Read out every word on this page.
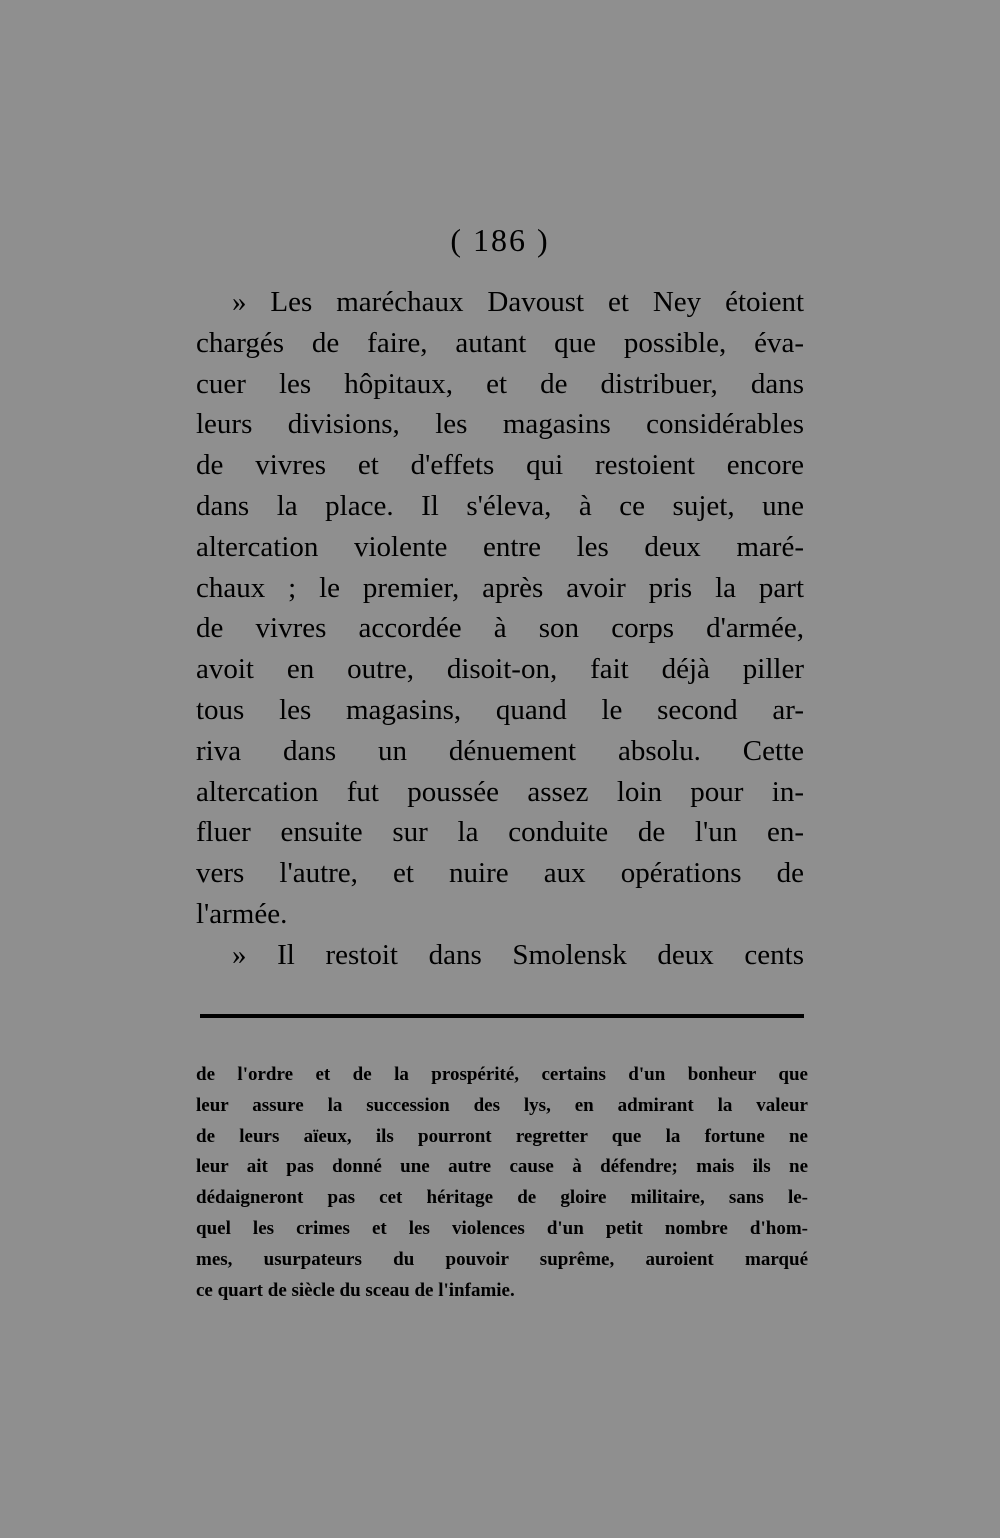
( 186 )
» Les maréchaux Davoust et Ney étoient
chargés de faire, autant que possible, éva-
cuer les hôpitaux, et de distribuer, dans
leurs divisions, les magasins considérables
de vivres et d'effets qui restoient encore
dans la place. Il s'éleva, à ce sujet, une
altercation violente entre les deux maré-
chaux ; le premier, après avoir pris la part
de vivres accordée à son corps d'armée,
avoit en outre, disoit-on, fait déjà piller
tous les magasins, quand le second ar-
riva dans un dénuement absolu. Cette
altercation fut poussée assez loin pour in-
fluer ensuite sur la conduite de l'un en-
vers l'autre, et nuire aux opérations de
l'armée.
» Il restoit dans Smolensk deux cents
de l'ordre et de la prospérité, certains d'un bonheur que
leur assure la succession des lys, en admirant la valeur
de leurs aïeux, ils pourront regretter que la fortune ne
leur ait pas donné une autre cause à défendre; mais ils ne
dédaigneront pas cet héritage de gloire militaire, sans le-
quel les crimes et les violences d'un petit nombre d'hom-
mes, usurpateurs du pouvoir suprême, auroient marqué
ce quart de siècle du sceau de l'infamie.
